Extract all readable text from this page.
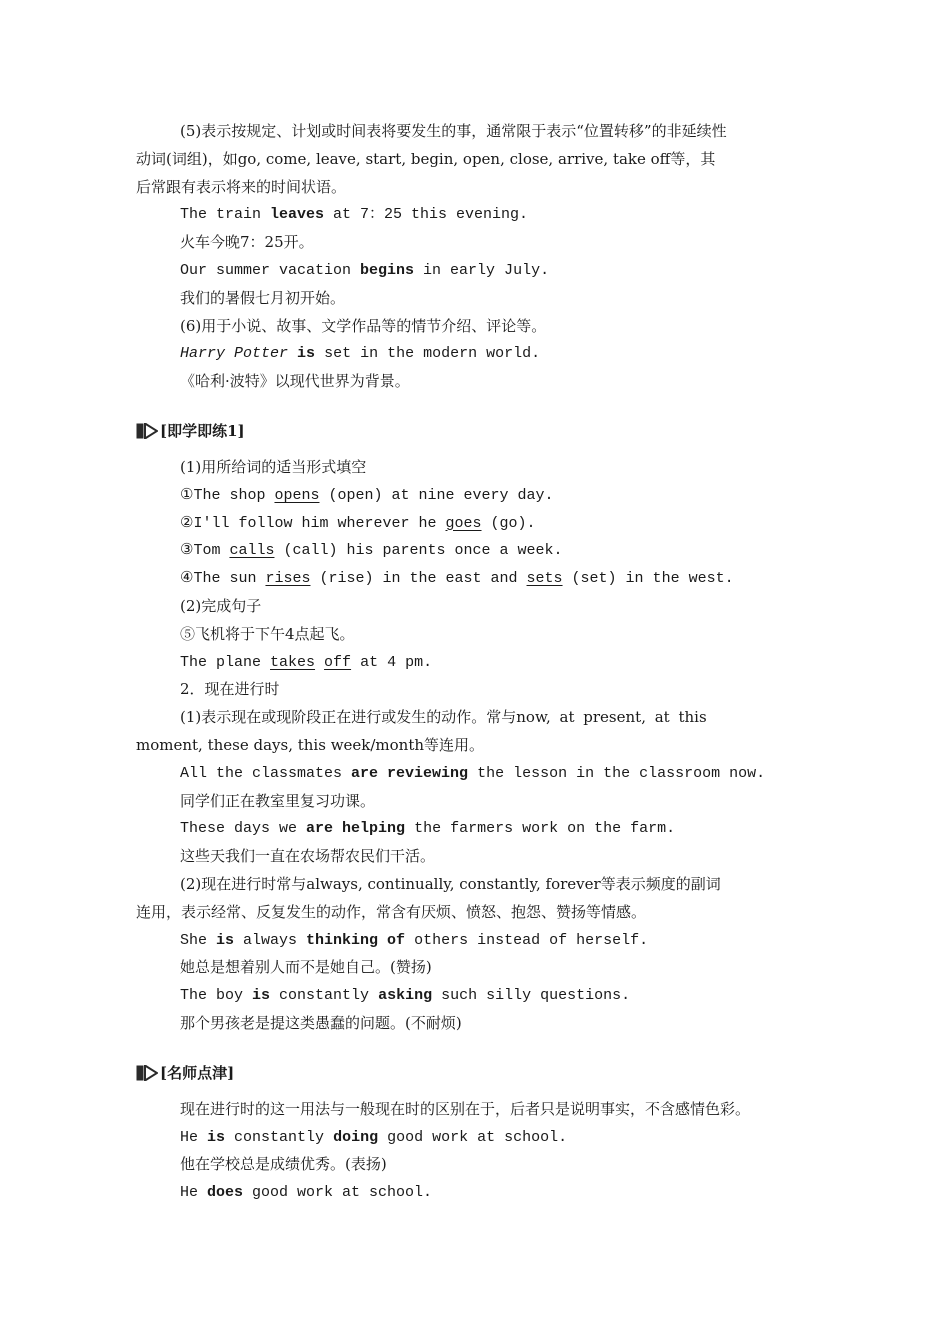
(5)表示按规定、计划或时间表将要发生的事，通常限于表示“位置转移”的非延续性
动词(词组)，如go, come, leave, start, begin, open, close, arrive, take off等，其
后常跟有表示将来的时间状语。
The train leaves at 7：25 this evening.
火车今晚7：25开。
Our summer vacation begins in early July.
我们的暑假七月初开始。
(6)用于小说、故事、文学作品等的情节介绍、评论等。
Harry Potter is set in the modern world.
《哈利·波特》以现代世界为背景。
[即学即练1]
(1)用所给词的适当形式填空
①The shop opens (open) at nine every day.
②I'll follow him wherever he goes (go).
③Tom calls (call) his parents once a week.
④The sun rises (rise) in the east and sets (set) in the west.
(2)完成句子
⑤飞机将于下午4点起飞。
The plane takes off at 4 pm.
2．现在进行时
(1)表示现在或现阶段正在进行或发生的动作。常与now, at present, at this
moment, these days, this week/month等连用。
All the classmates are reviewing the lesson in the classroom now.
同学们正在教室里复习功课。
These days we are helping the farmers work on the farm.
这些天我们一直在农场帮农民们干活。
(2)现在进行时常与always, continually, constantly, forever等表示频度的副词
连用，表示经常、反复发生的动作，常含有厌烦、愤怒、抱怨、赞扬等情感。
She is always thinking of others instead of herself.
她总是想着别人而不是她自己。(赞扬)
The boy is constantly asking such silly questions.
那个男孩老是提这类愚蠢的问题。(不耐烦)
[名师点津]
现在进行时的这一用法与一般现在时的区别在于，后者只是说明事实，不含感情色彩。
He is constantly doing good work at school.
他在学校总是成绩优秀。(表扬)
He does good work at school.
